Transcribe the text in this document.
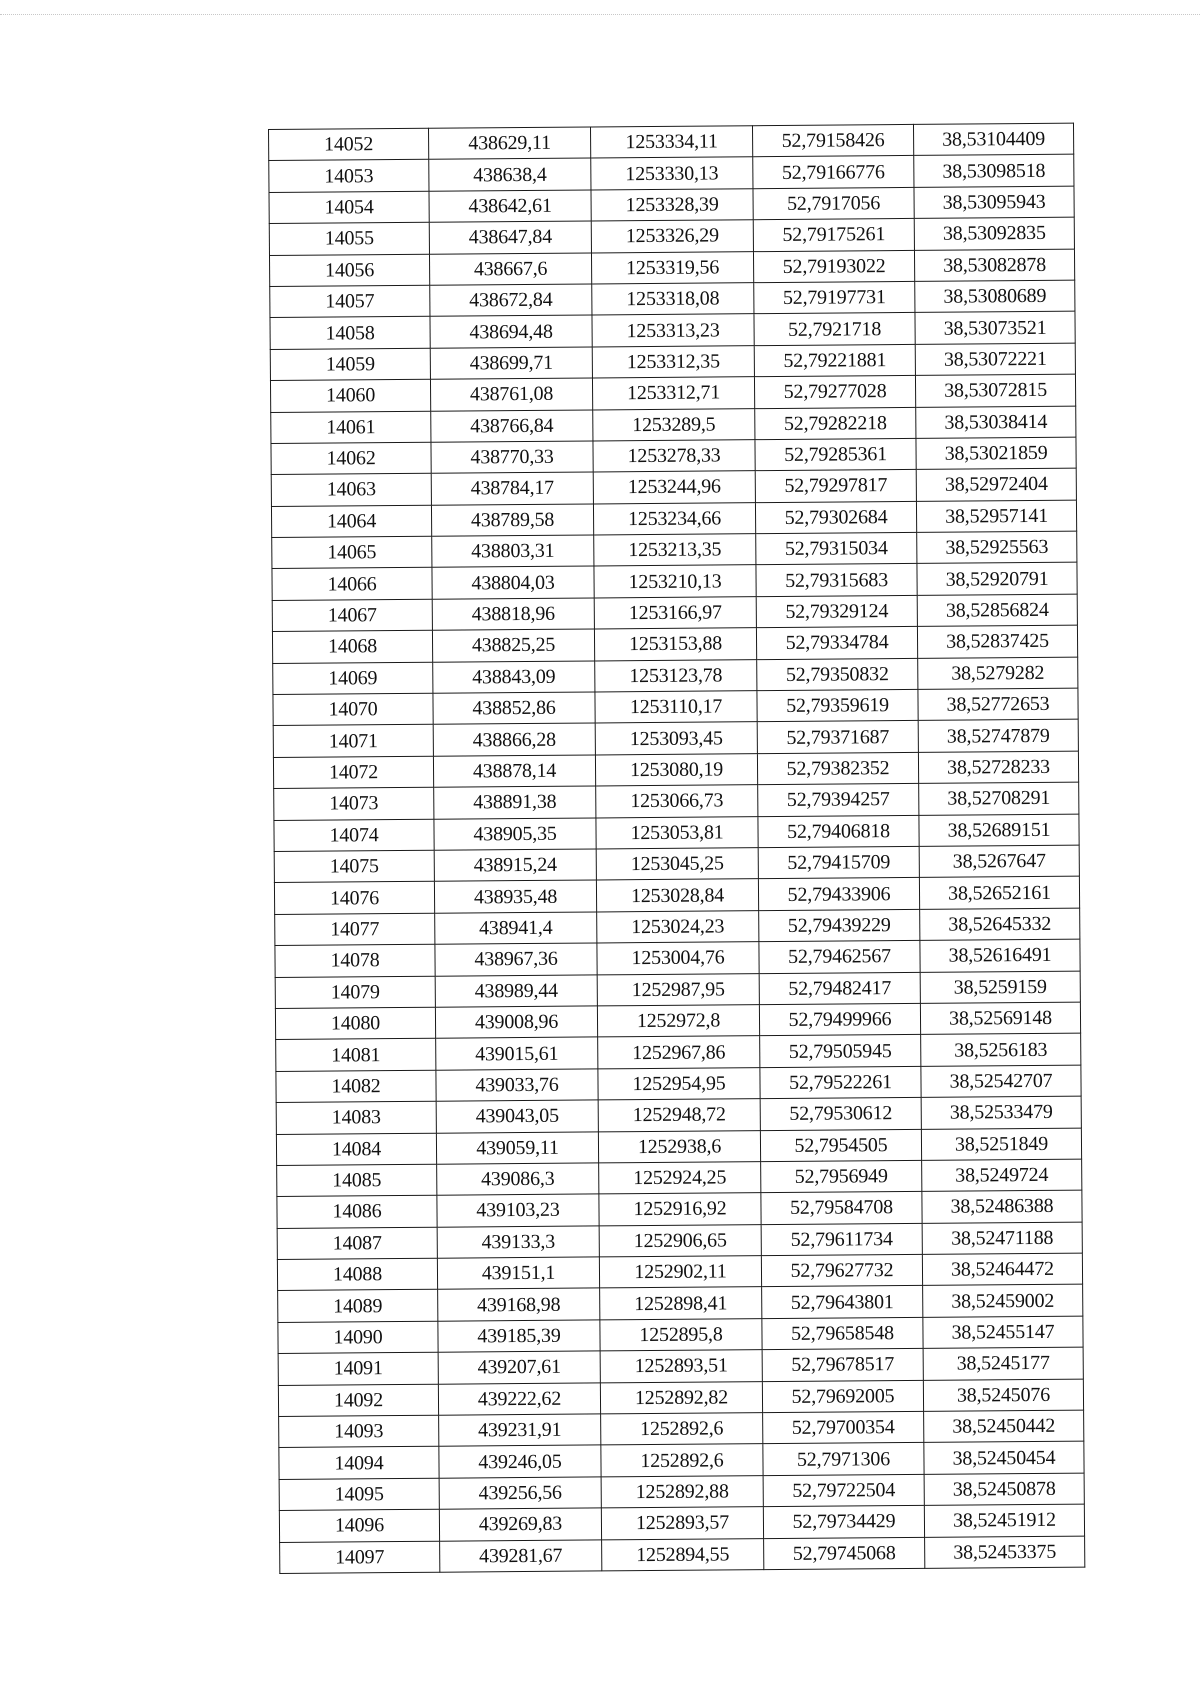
14052	438629,11	1253334,11	52,79158426	38,53104409
14053	438638,4	1253330,13	52,79166776	38,53098518
14054	438642,61	1253328,39	52,7917056	38,53095943
14055	438647,84	1253326,29	52,79175261	38,53092835
14056	438667,6	1253319,56	52,79193022	38,53082878
14057	438672,84	1253318,08	52,79197731	38,53080689
14058	438694,48	1253313,23	52,7921718	38,53073521
14059	438699,71	1253312,35	52,79221881	38,53072221
14060	438761,08	1253312,71	52,79277028	38,53072815
14061	438766,84	1253289,5	52,79282218	38,53038414
14062	438770,33	1253278,33	52,79285361	38,53021859
14063	438784,17	1253244,96	52,79297817	38,52972404
14064	438789,58	1253234,66	52,79302684	38,52957141
14065	438803,31	1253213,35	52,79315034	38,52925563
14066	438804,03	1253210,13	52,79315683	38,52920791
14067	438818,96	1253166,97	52,79329124	38,52856824
14068	438825,25	1253153,88	52,79334784	38,52837425
14069	438843,09	1253123,78	52,79350832	38,5279282
14070	438852,86	1253110,17	52,79359619	38,52772653
14071	438866,28	1253093,45	52,79371687	38,52747879
14072	438878,14	1253080,19	52,79382352	38,52728233
14073	438891,38	1253066,73	52,79394257	38,52708291
14074	438905,35	1253053,81	52,79406818	38,52689151
14075	438915,24	1253045,25	52,79415709	38,5267647
14076	438935,48	1253028,84	52,79433906	38,52652161
14077	438941,4	1253024,23	52,79439229	38,52645332
14078	438967,36	1253004,76	52,79462567	38,52616491
14079	438989,44	1252987,95	52,79482417	38,5259159
14080	439008,96	1252972,8	52,79499966	38,52569148
14081	439015,61	1252967,86	52,79505945	38,5256183
14082	439033,76	1252954,95	52,79522261	38,52542707
14083	439043,05	1252948,72	52,79530612	38,52533479
14084	439059,11	1252938,6	52,7954505	38,5251849
14085	439086,3	1252924,25	52,7956949	38,5249724
14086	439103,23	1252916,92	52,79584708	38,52486388
14087	439133,3	1252906,65	52,79611734	38,52471188
14088	439151,1	1252902,11	52,79627732	38,52464472
14089	439168,98	1252898,41	52,79643801	38,52459002
14090	439185,39	1252895,8	52,79658548	38,52455147
14091	439207,61	1252893,51	52,79678517	38,5245177
14092	439222,62	1252892,82	52,79692005	38,5245076
14093	439231,91	1252892,6	52,79700354	38,52450442
14094	439246,05	1252892,6	52,7971306	38,52450454
14095	439256,56	1252892,88	52,79722504	38,52450878
14096	439269,83	1252893,57	52,79734429	38,52451912
14097	439281,67	1252894,55	52,79745068	38,52453375
